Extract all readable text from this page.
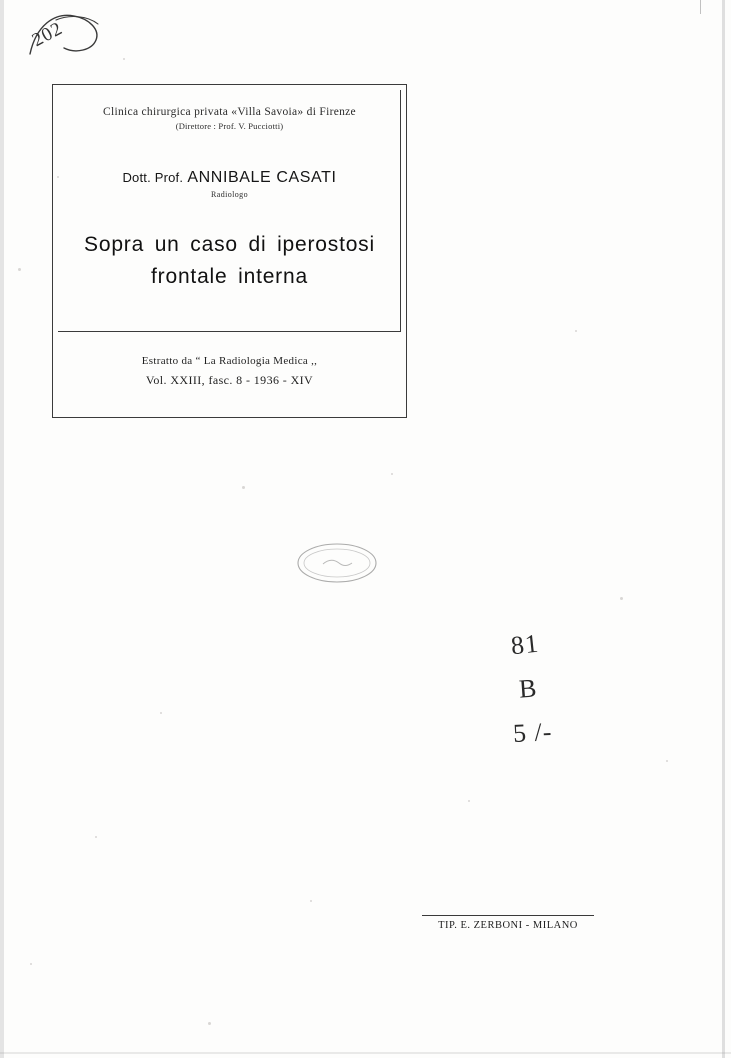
202
Clinica chirurgica privata «Villa Savoia» di Firenze
(Direttore : Prof. V. Pucciotti)
Dott. Prof. ANNIBALE CASATI
Radiologo
Sopra un caso di iperostosi
frontale interna
Estratto da “ La Radiologia Medica ,,
Vol. XXIII, fasc. 8 - 1936 - XIV
81
B
5 /-
TIP. E. ZERBONI - MILANO
